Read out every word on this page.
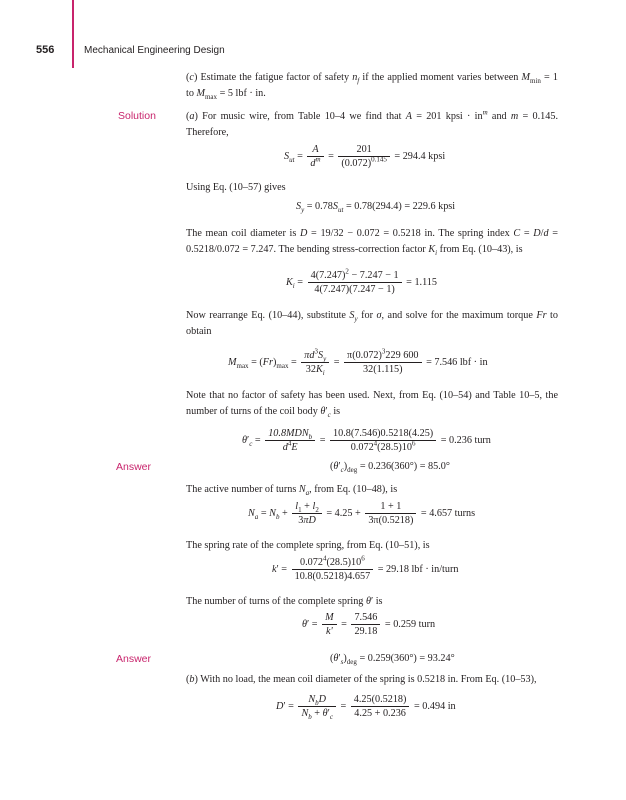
556	Mechanical Engineering Design
(c) Estimate the fatigue factor of safety $n_f$ if the applied moment varies between $M_{min} = 1$ to $M_{max} = 5$ lbf · in.
Solution	(a) For music wire, from Table 10–4 we find that A = 201 kpsi · $in^m$ and m = 0.145. Therefore,
$S_{ut} = \frac{A}{d^m} = \frac{201}{(0.072)^{0.145}} = 294.4$ kpsi
Using Eq. (10–57) gives
$S_y = 0.78S_{ut} = 0.78(294.4) = 229.6$ kpsi
The mean coil diameter is D = 19/32 − 0.072 = 0.5218 in. The spring index C = D/d = 0.5218/0.072 = 7.247. The bending stress-correction factor $K_i$ from Eq. (10–43), is
$K_i = \frac{4(7.247)^2 - 7.247 - 1}{4(7.247)(7.247 - 1)} = 1.115$
Now rearrange Eq. (10–44), substitute $S_y$ for σ, and solve for the maximum torque Fr to obtain
$M_{max} = (Fr)_{max} = \frac{\pi d^3S_y}{32K_i} = \frac{\pi(0.072)^3229 600}{32(1.115)} = 7.546$ lbf · in
Note that no factor of safety has been used. Next, from Eq. (10–54) and Table 10–5, the number of turns of the coil body $\theta'_c$ is
$\theta'_c = \frac{10.8MDN_b}{d^4E} = \frac{10.8(7.546)0.5218(4.25)}{0.072^4(28.5)10^6} = 0.236$ turn
Answer	$(\theta'_c)_{deg} = 0.236(360^\circ) = 85.0^\circ$
The active number of turns $N_a$, from Eq. (10–48), is
$N_a = N_b + \frac{l_1 + l_2}{3\pi D} = 4.25 + \frac{1 + 1}{3\pi(0.5218)} = 4.657$ turns
The spring rate of the complete spring, from Eq. (10–51), is
$k' = \frac{0.072^4(28.5)10^6}{10.8(0.5218)4.657} = 29.18$ lbf · in/turn
The number of turns of the complete spring θ′ is
$\theta' = \frac{M}{k'} = \frac{7.546}{29.18} = 0.259$ turn
Answer	$(\theta'_s)_{deg} = 0.259(360^\circ) = 93.24^\circ$
(b) With no load, the mean coil diameter of the spring is 0.5218 in. From Eq. (10–53),
$D' = \frac{N_bD}{N_b + \theta'_c} = \frac{4.25(0.5218)}{4.25 + 0.236} = 0.494$ in
